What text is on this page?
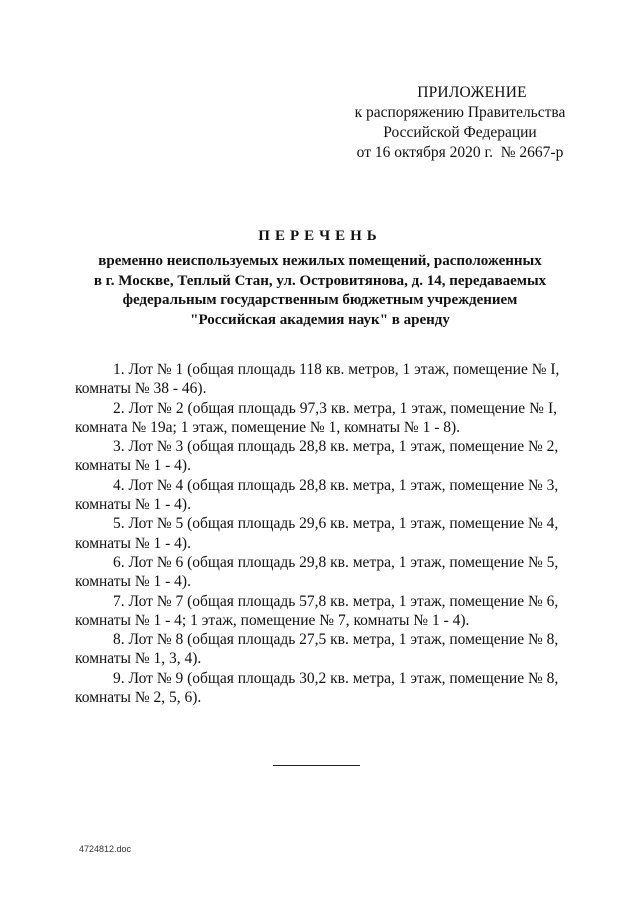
ПРИЛОЖЕНИЕ
к распоряжению Правительства
Российской Федерации
от 16 октября 2020 г.  № 2667-р
ПЕРЕЧЕНЬ
временно неиспользуемых нежилых помещений, расположенных
в г. Москве, Теплый Стан, ул. Островитянова, д. 14, передаваемых
федеральным государственным бюджетным учреждением
"Российская академия наук" в аренду

1. Лот № 1 (общая площадь 118 кв. метров, 1 этаж, помещение № I,
комнаты № 38 - 46).

2. Лот № 2 (общая площадь 97,3 кв. метра, 1 этаж, помещение № I,
комната № 19а; 1 этаж, помещение № 1, комнаты № 1 - 8).

3. Лот № 3 (общая площадь 28,8 кв. метра, 1 этаж, помещение № 2,
комнаты № 1 - 4).

4. Лот № 4 (общая площадь 28,8 кв. метра, 1 этаж, помещение № 3,
комнаты № 1 - 4).

5. Лот № 5 (общая площадь 29,6 кв. метра, 1 этаж, помещение № 4,
комнаты № 1 - 4).

6. Лот № 6 (общая площадь 29,8 кв. метра, 1 этаж, помещение № 5,
комнаты № 1 - 4).

7. Лот № 7 (общая площадь 57,8 кв. метра, 1 этаж, помещение № 6,
комнаты № 1 - 4; 1 этаж, помещение № 7, комнаты № 1 - 4).

8. Лот № 8 (общая площадь 27,5 кв. метра, 1 этаж, помещение № 8,
комнаты № 1, 3, 4).

9. Лот № 9 (общая площадь 30,2 кв. метра, 1 этаж, помещение № 8,
комнаты № 2, 5, 6).

4724812.doc
